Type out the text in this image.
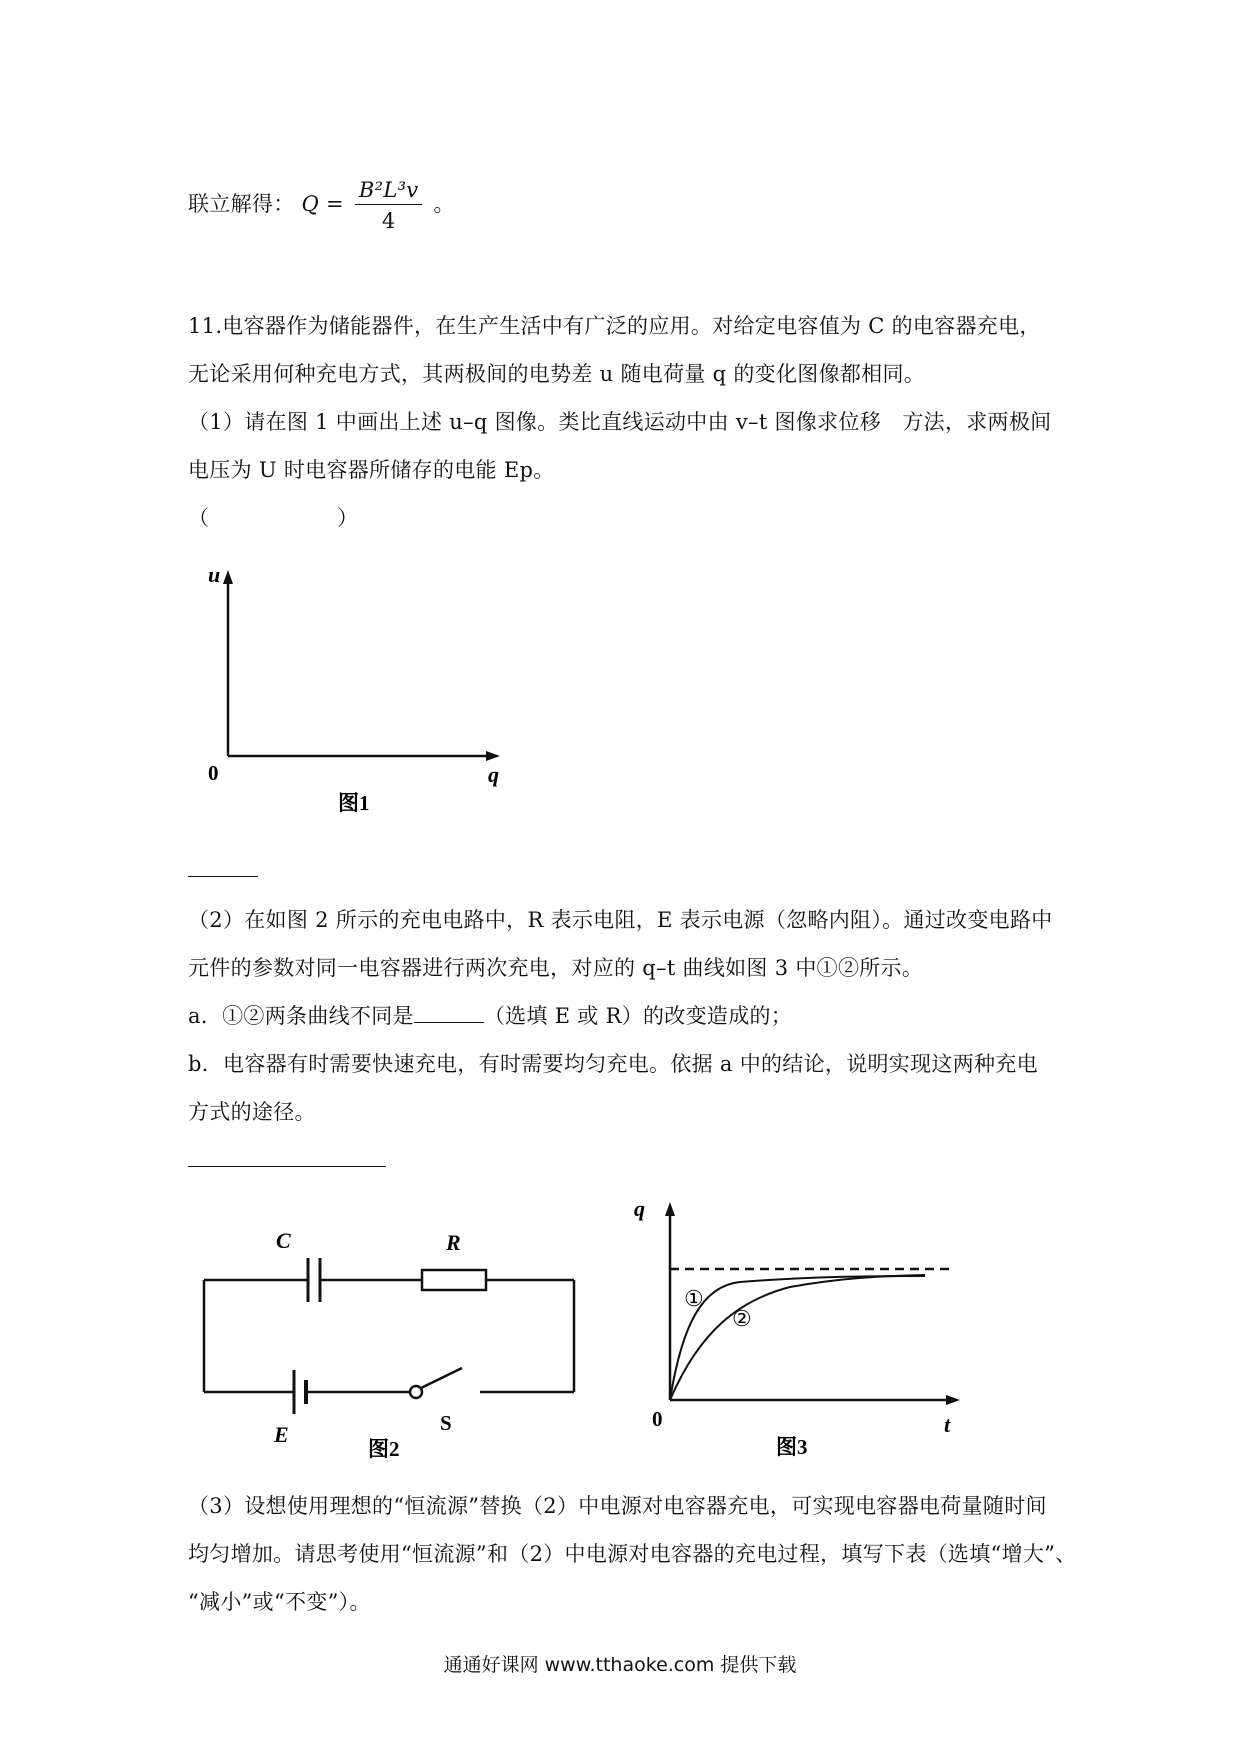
联立解得： $Q = \frac{\text{B²L³v}}{4}$ 。
11.电容器作为储能器件，在生产生活中有广泛的应用。对给定电容值为 C 的电容器充电，
无论采用何种充电方式，其两极间的电势差 u 随电荷量 q 的变化图像都相同。
（1）请在图 1 中画出上述 u–q 图像。类比直线运动中由 v–t 图像求位移　方法，求两极间
电压为 U 时电容器所储存的电能 Ep。
（　　　　　　）
u
q
0
图1
（2）在如图 2 所示的充电电路中，R 表示电阻，E 表示电源（忽略内阻）。通过改变电路中
元件的参数对同一电容器进行两次充电，对应的 q–t 曲线如图 3 中①②所示。
a．①②两条曲线不同是	（选填 E 或 R）的改变造成的；
b．电容器有时需要快速充电，有时需要均匀充电。依据 a 中的结论，说明实现这两种充电
方式的途径。
C	R
E	S
图2
q
t
0
①
②
图3
（3）设想使用理想的“恒流源”替换（2）中电源对电容器充电，可实现电容器电荷量随时间
均匀增加。请思考使用“恒流源”和（2）中电源对电容器的充电过程，填写下表（选填“增大”、
“减小”或“不变”）。
通通好课网 www.tthaoke.com 提供下载
